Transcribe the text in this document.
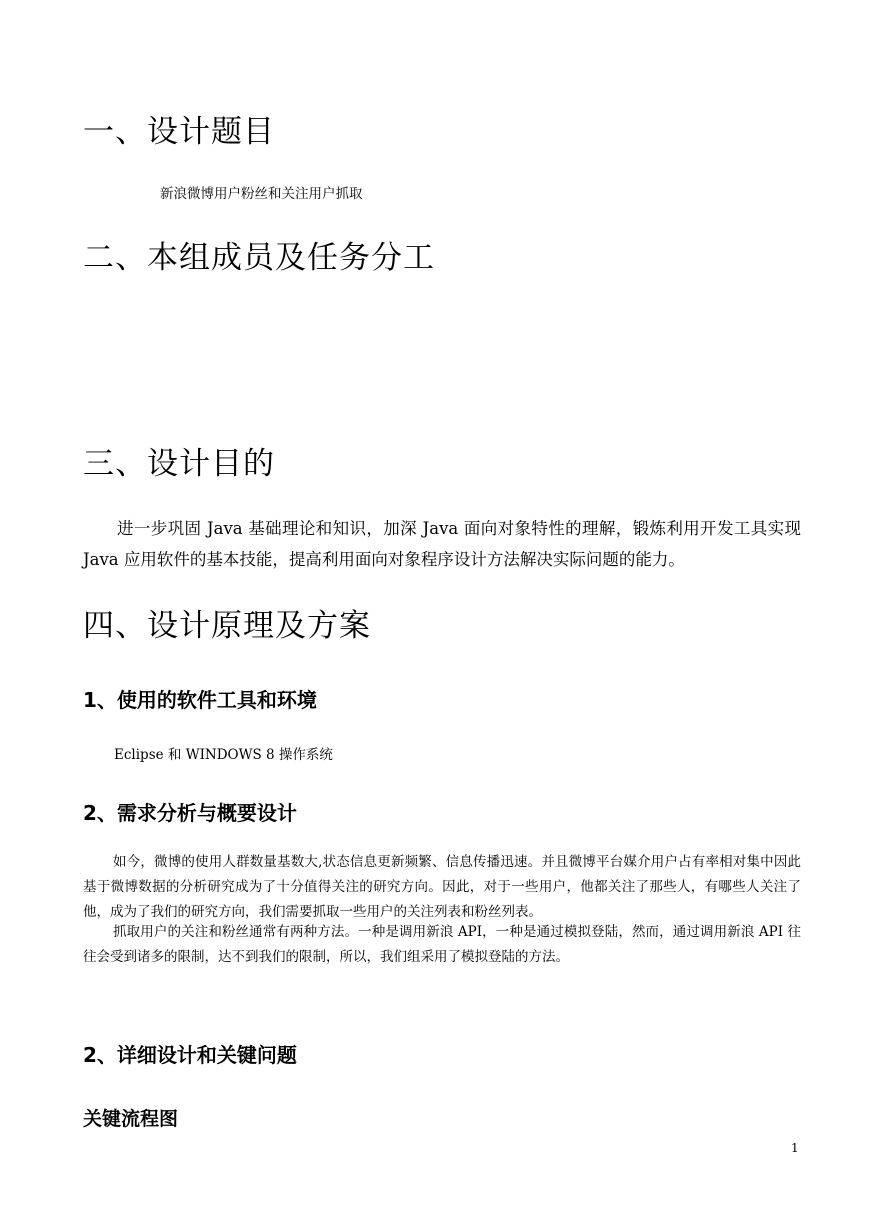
一、设计题目

新浪微博用户粉丝和关注用户抓取

二、本组成员及任务分工
三、设计目的

进一步巩固 Java 基础理论和知识，加深 Java 面向对象特性的理解，锻炼利用开发工具实现 Java 应用软件的基本技能，提高利用面向对象程序设计方法解决实际问题的能力。

四、设计原理及方案
1、使用的软件工具和环境

Eclipse 和 WINDOWS 8 操作系统

2、需求分析与概要设计

如今，微博的使用人群数量基数大,状态信息更新频繁、信息传播迅速。并且微博平台媒介用户占有率相对集中因此基于微博数据的分析研究成为了十分值得关注的研究方向。因此，对于一些用户，他都关注了那些人，有哪些人关注了他，成为了我们的研究方向，我们需要抓取一些用户的关注列表和粉丝列表。

抓取用户的关注和粉丝通常有两种方法。一种是调用新浪 API，一种是通过模拟登陆，然而，通过调用新浪 API 往往会受到诸多的限制，达不到我们的限制，所以，我们组采用了模拟登陆的方法。

2、详细设计和关键问题
关键流程图
1
